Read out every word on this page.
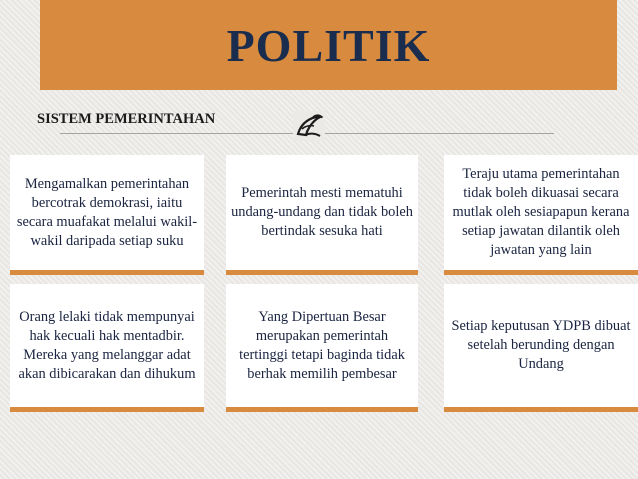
POLITIK
SISTEM PEMERINTAHAN
Mengamalkan pemerintahan bercotrak demokrasi, iaitu secara muafakat melalui wakil-wakil daripada setiap suku
Pemerintah mesti mematuhi undang-undang dan tidak boleh bertindak sesuka hati
Teraju utama pemerintahan tidak boleh dikuasai secara mutlak oleh sesiapapun kerana setiap jawatan dilantik oleh jawatan yang lain
Orang lelaki tidak mempunyai hak kecuali hak mentadbir. Mereka yang melanggar adat akan dibicarakan dan dihukum
Yang Dipertuan Besar merupakan pemerintah tertinggi tetapi baginda tidak berhak memilih pembesar
Setiap keputusan YDPB dibuat setelah berunding dengan Undang
